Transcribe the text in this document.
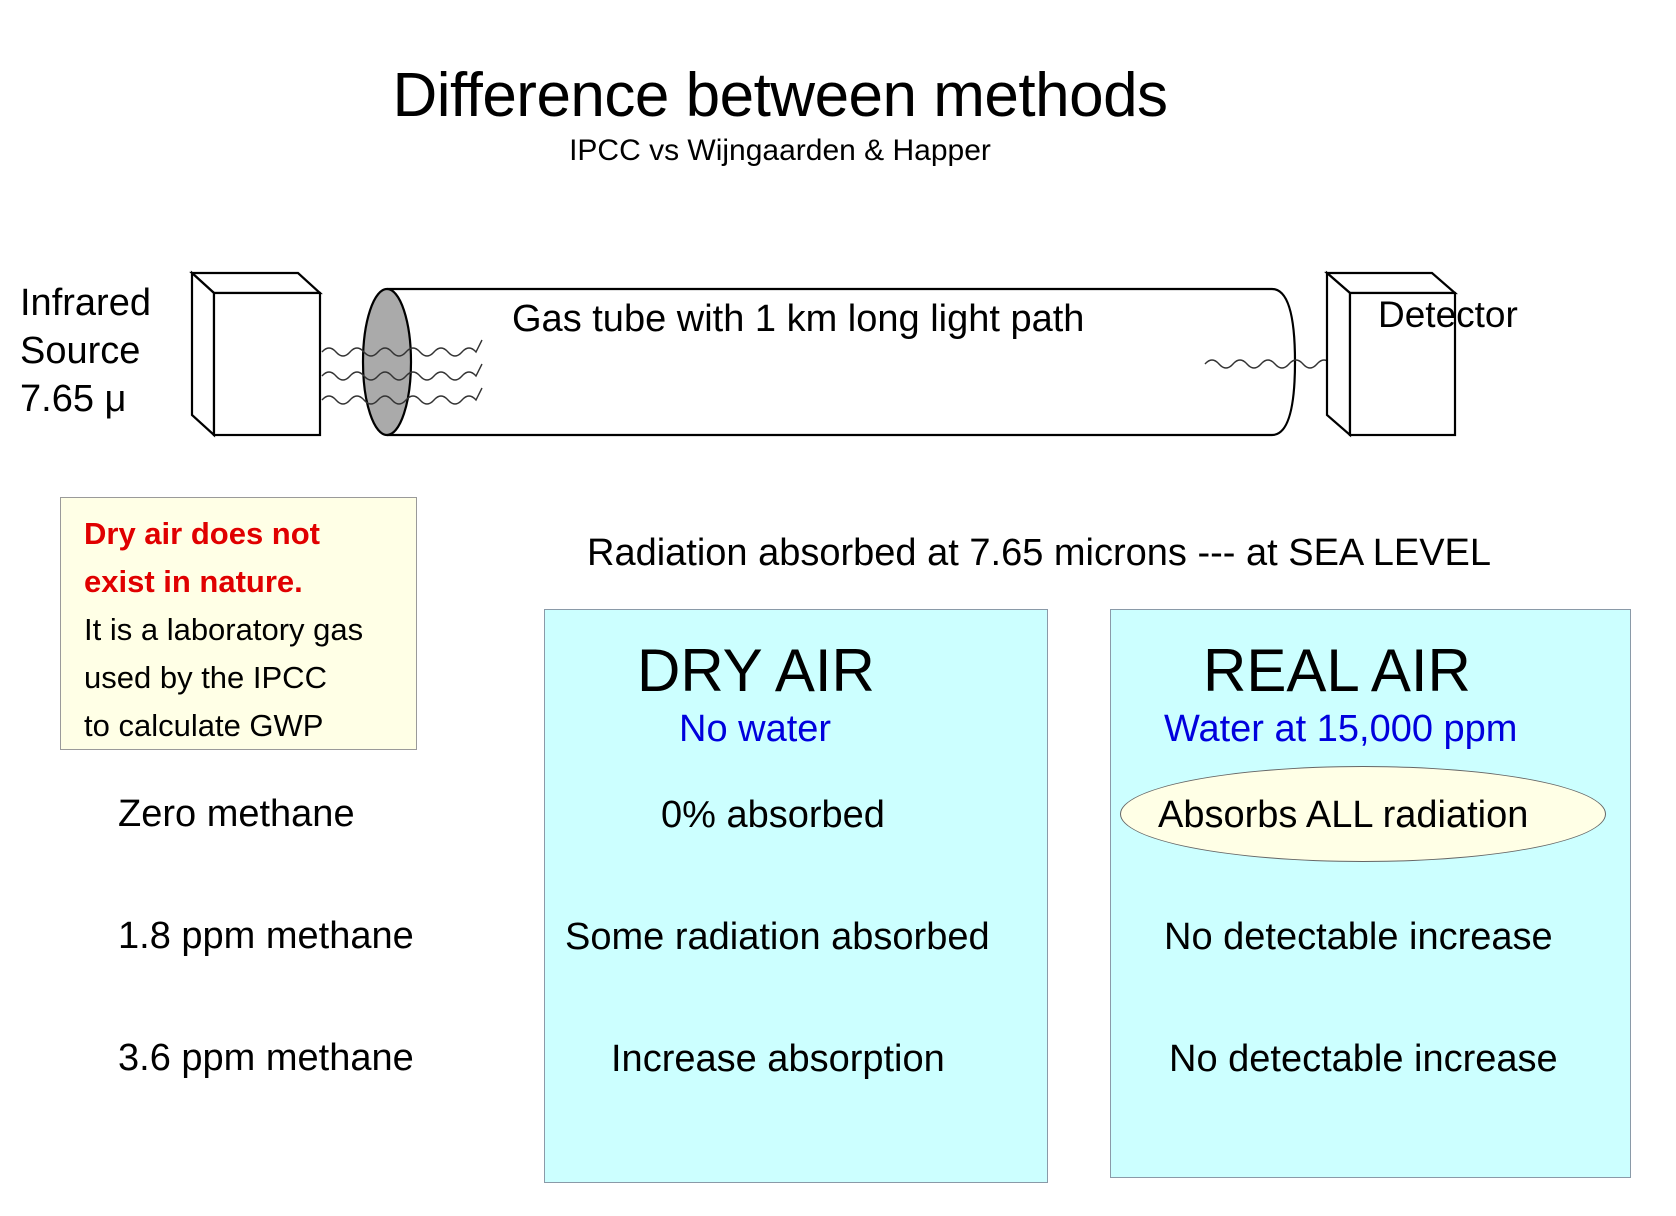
Difference between methods
IPCC vs Wijngaarden & Happer
Infrared
Source
7.65 μ
Gas tube with 1 km long light path	Detector
Dry air does not
exist in nature.
It is a laboratory gas
used by the IPCC
to calculate GWP
Radiation absorbed at 7.65 microns --- at SEA LEVEL
Zero methane
1.8 ppm methane
3.6 ppm methane
DRY AIR
No water
0% absorbed
Some radiation absorbed
Increase absorption
REAL AIR
Water at 15,000 ppm
Absorbs ALL radiation
No detectable increase
No detectable increase
